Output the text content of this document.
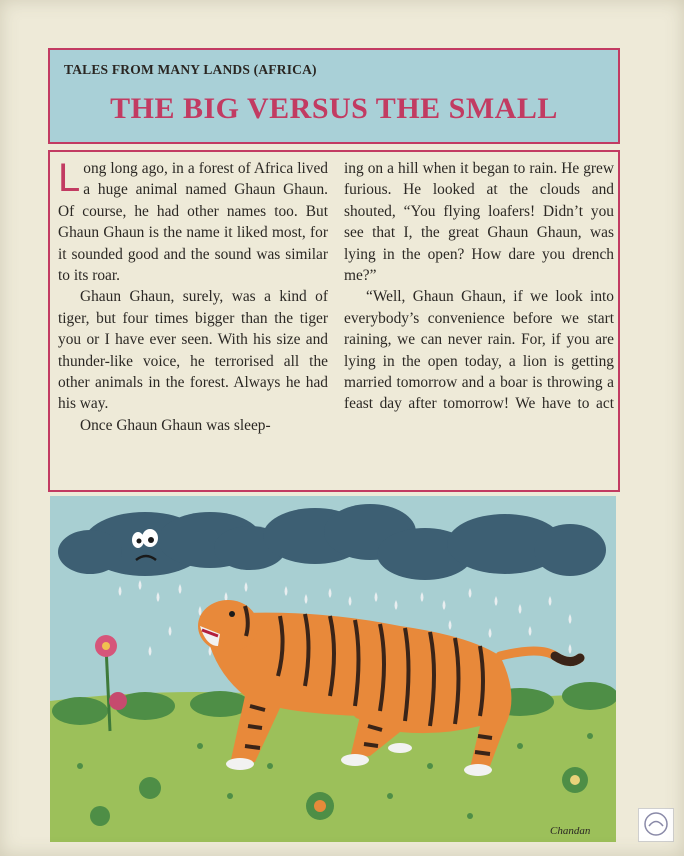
TALES FROM MANY LANDS (AFRICA)
THE BIG VERSUS THE SMALL

Long long ago, in a forest of Africa lived a huge animal named Ghaun Ghaun. Of course, he had other names too. But Ghaun Ghaun is the name it liked most, for it sounded good and the sound was similar to its roar.

Ghaun Ghaun, surely, was a kind of tiger, but four times bigger than the tiger you or I have ever seen. With his size and thunder-like voice, he terrorised all the other animals in the forest. Always he had his way.

Once Ghaun Ghaun was sleep-

ing on a hill when it began to rain. He grew furious. He looked at the clouds and shouted, “You flying loafers! Didn’t you see that I, the great Ghaun Ghaun, was lying in the open? How dare you drench me?”

“Well, Ghaun Ghaun, if we look into everybody’s convenience before we start raining, we can never rain. For, if you are lying in the open today, a lion is getting married tomorrow and a boar is throwing a feast day after tomorrow! We have to act

Chandan
